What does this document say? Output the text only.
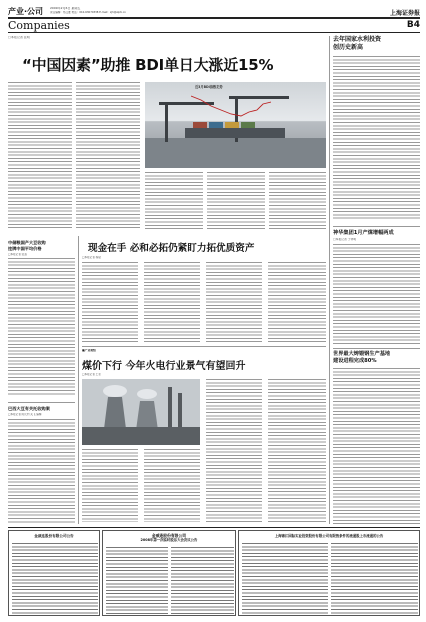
产业·公司 2009年2月6日 星期五
责任编辑：郑江淮 电话：010-63070338 E-mail：zjh@zqrb.cn	上海证券报
Companies	B4
□本报记者 张明
“中国因素”助推 BDI单日大涨近15%
近3月BDI指数走势
去年国家水利投资
创历史新高
神华集团1月产煤增幅两成
□本报记者 于祥明
世界最大铸锻钢生产基地
建设进程完成80%
中储粮国产大豆收购
挂牌中国平均价格
□本报记者 张凌
巴西大豆有关托收购案
□本报记者 陈庆钧 关飞 编辑
现金在手 必和必拓仍紧盯力拓优质资产
□本报记者 杨斌
■产业观察
煤价下行 今年火电行业景气有望回升
□本报记者 王永
金威连股份有限公司公告	金威连股份有限公司
2008年第一次临时股东大会决议公告
上海锦江国际实业投资股份有限公司有限售条件的流通股上市流通的公告
